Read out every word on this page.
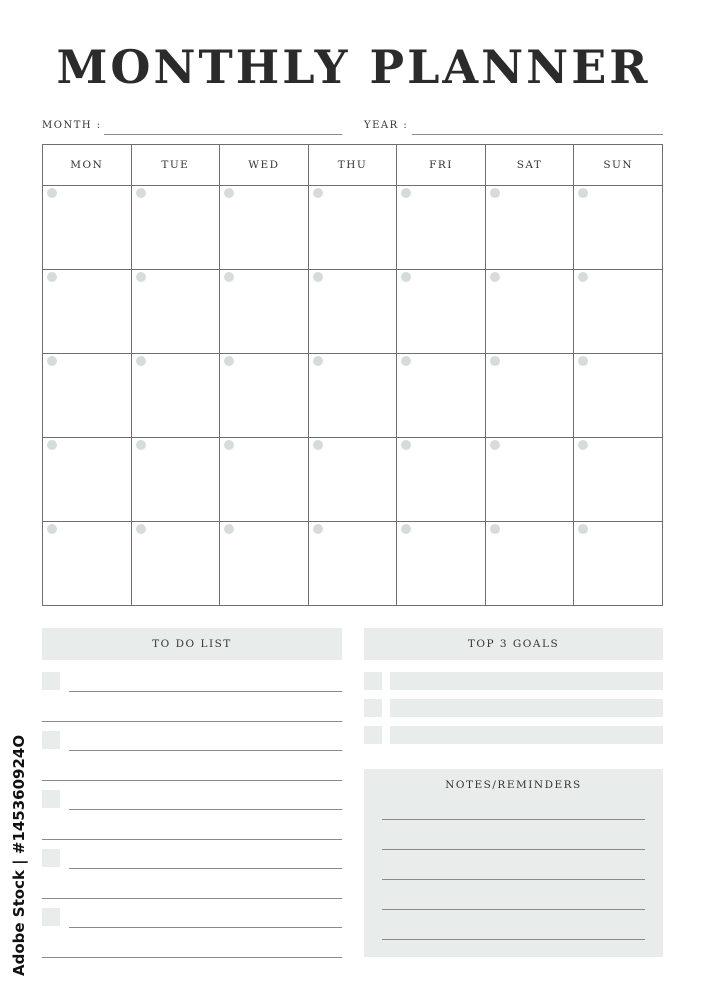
MONTHLY PLANNER
MONTH :	YEAR :
MON	TUE	WED	THU	FRI	SAT	SUN

TO DO LIST	TOP 3 GOALS
NOTES/REMINDERS
Adobe Stock | #145360924O
